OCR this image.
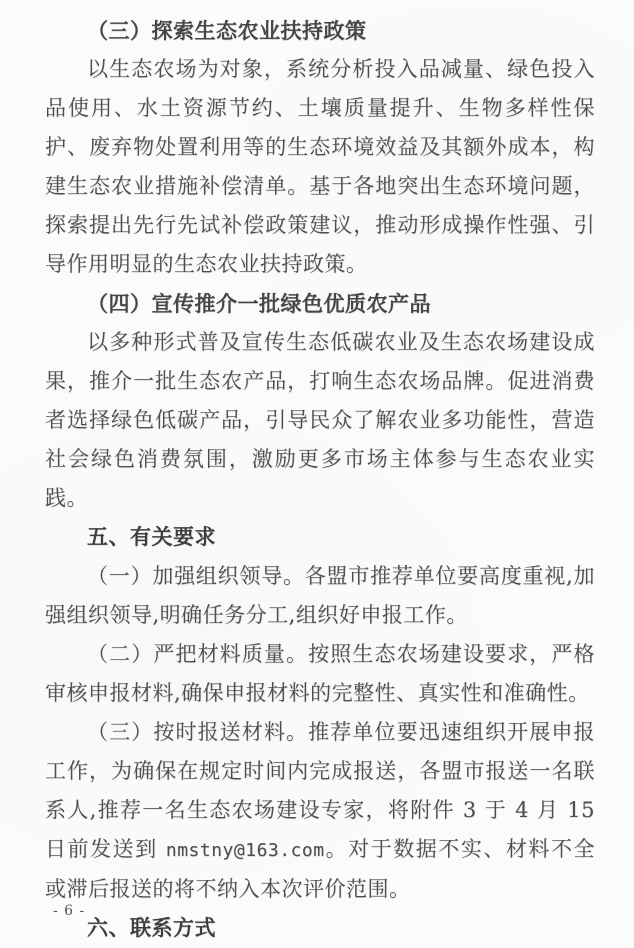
（三）探索生态农业扶持政策

以生态农场为对象，系统分析投入品减量、绿色投入品使用、水土资源节约、土壤质量提升、生物多样性保护、废弃物处置利用等的生态环境效益及其额外成本，构建生态农业措施补偿清单。基于各地突出生态环境问题，探索提出先行先试补偿政策建议，推动形成操作性强、引导作用明显的生态农业扶持政策。

（四）宣传推介一批绿色优质农产品

以多种形式普及宣传生态低碳农业及生态农场建设成果，推介一批生态农产品，打响生态农场品牌。促进消费者选择绿色低碳产品，引导民众了解农业多功能性，营造社会绿色消费氛围，激励更多市场主体参与生态农业实践。

五、有关要求

（一）加强组织领导。各盟市推荐单位要高度重视,加强组织领导,明确任务分工,组织好申报工作。

（二）严把材料质量。按照生态农场建设要求，严格审核申报材料,确保申报材料的完整性、真实性和准确性。

（三）按时报送材料。推荐单位要迅速组织开展申报工作，为确保在规定时间内完成报送，各盟市报送一名联系人,推荐一名生态农场建设专家，将附件 3 于 4 月 15 日前发送到 nmstny@163.com。对于数据不实、材料不全或滞后报送的将不纳入本次评价范围。

六、联系方式

- 6 -
